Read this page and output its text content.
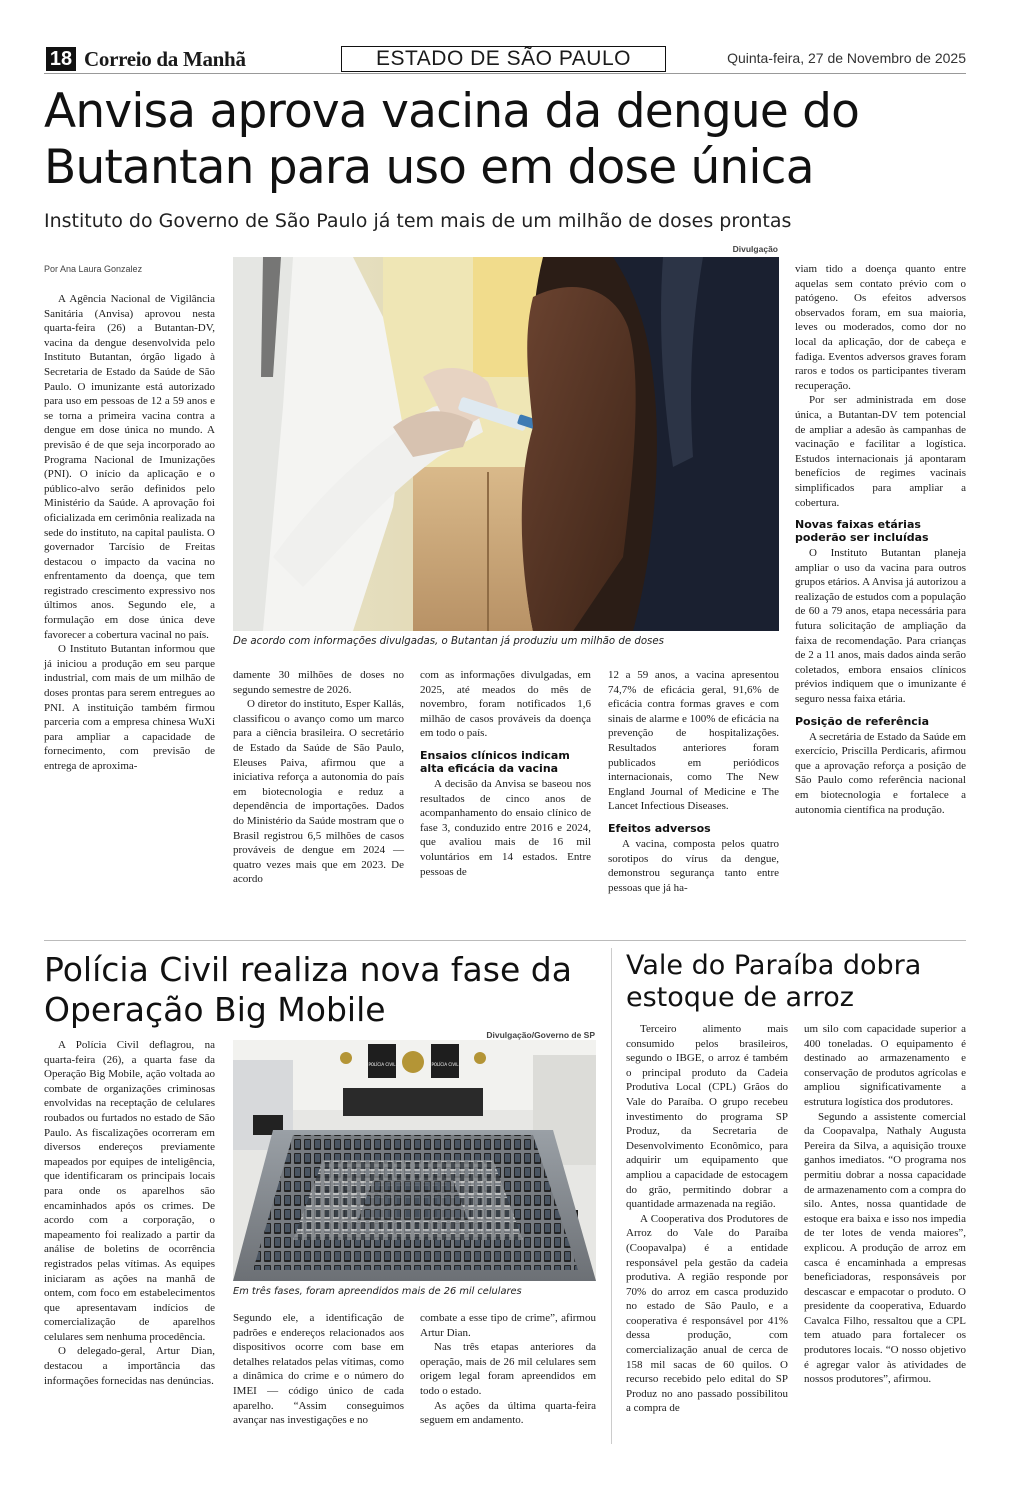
18 Correio da Manhã	ESTADO DE SÃO PAULO	Quinta-feira, 27 de Novembro de 2025
Anvisa aprova vacina da dengue do Butantan para uso em dose única
Instituto do Governo de São Paulo já tem mais de um milhão de doses prontas
Por Ana Laura Gonzalez
Divulgação
De acordo com informações divulgadas, o Butantan já produziu um milhão de doses

A Agência Nacional de Vigilância Sanitária (Anvisa) aprovou nesta quarta-feira (26) a Butantan-DV, vacina da dengue desenvolvida pelo Instituto Butantan, órgão ligado à Secretaria de Estado da Saúde de São Paulo. O imunizante está autorizado para uso em pessoas de 12 a 59 anos e se torna a primeira vacina contra a dengue em dose única no mundo. A previsão é de que seja incorporado ao Programa Nacional de Imunizações (PNI). O início da aplicação e o público-alvo serão definidos pelo Ministério da Saúde. A aprovação foi oficializada em cerimônia realizada na sede do instituto, na capital paulista. O governador Tarcísio de Freitas destacou o impacto da vacina no enfrentamento da doença, que tem registrado crescimento expressivo nos últimos anos. Segundo ele, a formulação em dose única deve favorecer a cobertura vacinal no país.

O Instituto Butantan informou que já iniciou a produção em seu parque industrial, com mais de um milhão de doses prontas para serem entregues ao PNI. A instituição também firmou parceria com a empresa chinesa WuXi para ampliar a capacidade de fornecimento, com previsão de entrega de aproxima-

damente 30 milhões de doses no segundo semestre de 2026.

O diretor do instituto, Esper Kallás, classificou o avanço como um marco para a ciência brasileira. O secretário de Estado da Saúde de São Paulo, Eleuses Paiva, afirmou que a iniciativa reforça a autonomia do país em biotecnologia e reduz a dependência de importações. Dados do Ministério da Saúde mostram que o Brasil registrou 6,5 milhões de casos prováveis de dengue em 2024 — quatro vezes mais que em 2023. De acordo

com as informações divulgadas, em 2025, até meados do mês de novembro, foram notificados 1,6 milhão de casos prováveis da doença em todo o país.

Ensaios clínicos indicam alta eficácia da vacina

A decisão da Anvisa se baseou nos resultados de cinco anos de acompanhamento do ensaio clínico de fase 3, conduzido entre 2016 e 2024, que avaliou mais de 16 mil voluntários em 14 estados. Entre pessoas de

12 a 59 anos, a vacina apresentou 74,7% de eficácia geral, 91,6% de eficácia contra formas graves e com sinais de alarme e 100% de eficácia na prevenção de hospitalizações. Resultados anteriores foram publicados em periódicos internacionais, como The New England Journal of Medicine e The Lancet Infectious Diseases.

Efeitos adversos

A vacina, composta pelos quatro sorotipos do vírus da dengue, demonstrou segurança tanto entre pessoas que já ha-

viam tido a doença quanto entre aquelas sem contato prévio com o patógeno. Os efeitos adversos observados foram, em sua maioria, leves ou moderados, como dor no local da aplicação, dor de cabeça e fadiga. Eventos adversos graves foram raros e todos os participantes tiveram recuperação.

Por ser administrada em dose única, a Butantan-DV tem potencial de ampliar a adesão às campanhas de vacinação e facilitar a logística. Estudos internacionais já apontaram benefícios de regimes vacinais simplificados para ampliar a cobertura.

Novas faixas etárias poderão ser incluídas

O Instituto Butantan planeja ampliar o uso da vacina para outros grupos etários. A Anvisa já autorizou a realização de estudos com a população de 60 a 79 anos, etapa necessária para futura solicitação de ampliação da faixa de recomendação. Para crianças de 2 a 11 anos, mais dados ainda serão coletados, embora ensaios clínicos prévios indiquem que o imunizante é seguro nessa faixa etária.

Posição de referência

A secretária de Estado da Saúde em exercício, Priscilla Perdicaris, afirmou que a aprovação reforça a posição de São Paulo como referência nacional em biotecnologia e fortalece a autonomia científica na produção.

Polícia Civil realiza nova fase da Operação Big Mobile
Divulgação/Governo de SP
POLÍCIA CIVIL	POLÍCIA CIVIL
Em três fases, foram apreendidos mais de 26 mil celulares

A Polícia Civil deflagrou, na quarta-feira (26), a quarta fase da Operação Big Mobile, ação voltada ao combate de organizações criminosas envolvidas na receptação de celulares roubados ou furtados no estado de São Paulo. As fiscalizações ocorreram em diversos endereços previamente mapeados por equipes de inteligência, que identificaram os principais locais para onde os aparelhos são encaminhados após os crimes. De acordo com a corporação, o mapeamento foi realizado a partir da análise de boletins de ocorrência registrados pelas vítimas. As equipes iniciaram as ações na manhã de ontem, com foco em estabelecimentos que apresentavam indícios de comercialização de aparelhos celulares sem nenhuma procedência.

O delegado-geral, Artur Dian, destacou a importância das informações fornecidas nas denúncias.

Segundo ele, a identificação de padrões e endereços relacionados aos dispositivos ocorre com base em detalhes relatados pelas vítimas, como a dinâmica do crime e o número do IMEI — código único de cada aparelho. “Assim conseguimos avançar nas investigações e no

combate a esse tipo de crime”, afirmou Artur Dian.

Nas três etapas anteriores da operação, mais de 26 mil celulares sem origem legal foram apreendidos em todo o estado.

As ações da última quarta-feira seguem em andamento.

Vale do Paraíba dobra estoque de arroz

Terceiro alimento mais consumido pelos brasileiros, segundo o IBGE, o arroz é também o principal produto da Cadeia Produtiva Local (CPL) Grãos do Vale do Paraíba. O grupo recebeu investimento do programa SP Produz, da Secretaria de Desenvolvimento Econômico, para adquirir um equipamento que ampliou a capacidade de estocagem do grão, permitindo dobrar a quantidade armazenada na região.

A Cooperativa dos Produtores de Arroz do Vale do Paraíba (Coopavalpa) é a entidade responsável pela gestão da cadeia produtiva. A região responde por 70% do arroz em casca produzido no estado de São Paulo, e a cooperativa é responsável por 41% dessa produção, com comercialização anual de cerca de 158 mil sacas de 60 quilos. O recurso recebido pelo edital do SP Produz no ano passado possibilitou a compra de

um silo com capacidade superior a 400 toneladas. O equipamento é destinado ao armazenamento e conservação de produtos agrícolas e ampliou significativamente a estrutura logística dos produtores.

Segundo a assistente comercial da Coopavalpa, Nathaly Augusta Pereira da Silva, a aquisição trouxe ganhos imediatos. “O programa nos permitiu dobrar a nossa capacidade de armazenamento com a compra do silo. Antes, nossa quantidade de estoque era baixa e isso nos impedia de ter lotes de venda maiores”, explicou. A produção de arroz em casca é encaminhada a empresas beneficiadoras, responsáveis por descascar e empacotar o produto. O presidente da cooperativa, Eduardo Cavalca Filho, ressaltou que a CPL tem atuado para fortalecer os produtores locais. “O nosso objetivo é agregar valor às atividades de nossos produtores”, afirmou.
